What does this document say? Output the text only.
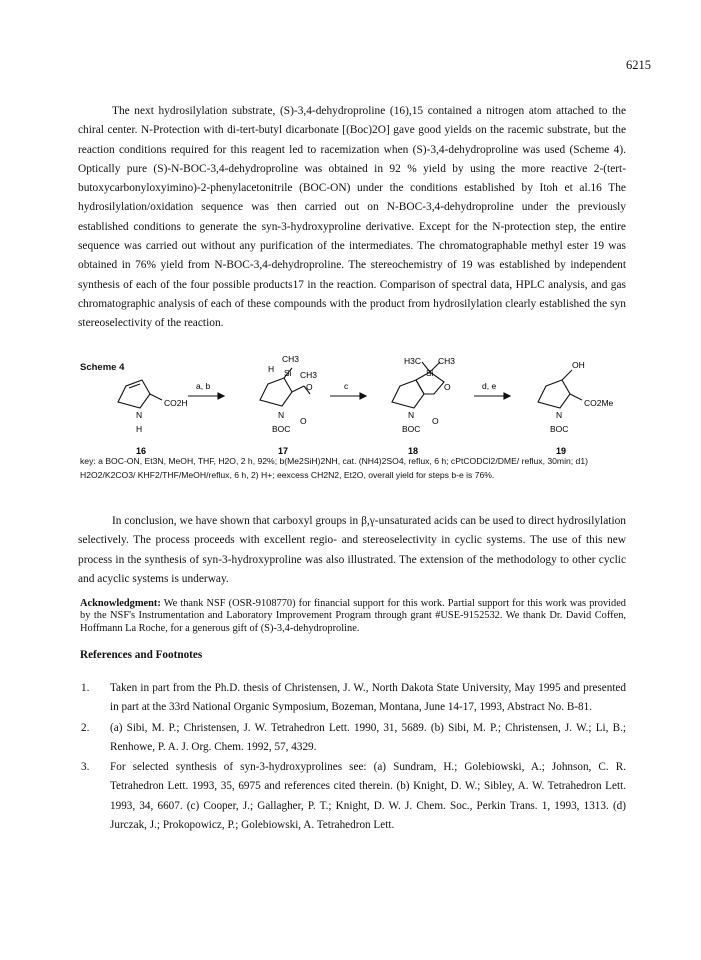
6215

The next hydrosilylation substrate, (S)-3,4-dehydroproline (16),15 contained a nitrogen atom attached to the chiral center. N-Protection with di-tert-butyl dicarbonate [(Boc)2O] gave good yields on the racemic substrate, but the reaction conditions required for this reagent led to racemization when (S)-3,4-dehydroproline was used (Scheme 4). Optically pure (S)-N-BOC-3,4-dehydroproline was obtained in 92 % yield by using the more reactive 2-(tert-butoxycarbonyloxyimino)-2-phenylacetonitrile (BOC-ON) under the conditions established by Itoh et al.16 The hydrosilylation/oxidation sequence was then carried out on N-BOC-3,4-dehydroproline under the previously established conditions to generate the syn-3-hydroxyproline derivative. Except for the N-protection step, the entire sequence was carried out without any purification of the intermediates. The chromatographable methyl ester 19 was obtained in 76% yield from N-BOC-3,4-dehydroproline. The stereochemistry of 19 was established by independent synthesis of each of the four possible products17 in the reaction. Comparison of spectral data, HPLC analysis, and gas chromatographic analysis of each of these compounds with the product from hydrosilylation clearly established the syn stereoselectivity of the reaction.

Scheme 4
N
H
CO2H
16
a, b	c	d, e
CH3
H Si CH3
O
N
O
BOC
17
H3C CH3
Si
O
N
O
BOC
18
OH
N
CO2Me
BOC
19

key: a BOC-ON, Et3N, MeOH, THF, H2O, 2 h, 92%; b(Me2SiH)2NH, cat. (NH4)2SO4, reflux, 6 h; cPtCODCl2/DME/ reflux, 30min; d1) H2O2/K2CO3/ KHF2/THF/MeOH/reflux, 6 h, 2) H+; eexcess CH2N2, Et2O, overall yield for steps b-e is 76%.

In conclusion, we have shown that carboxyl groups in β,γ-unsaturated acids can be used to direct hydrosilylation selectively. The process proceeds with excellent regio- and stereoselectivity in cyclic systems. The use of this new process in the synthesis of syn-3-hydroxyproline was also illustrated. The extension of the methodology to other cyclic and acyclic systems is underway.

Acknowledgment: We thank NSF (OSR-9108770) for financial support for this work. Partial support for this work was provided by the NSF's Instrumentation and Laboratory Improvement Program through grant #USE-9152532. We thank Dr. David Coffen, Hoffmann La Roche, for a generous gift of (S)-3,4-dehydroproline.

References and Footnotes
1. Taken in part from the Ph.D. thesis of Christensen, J. W., North Dakota State University, May 1995 and presented in part at the 33rd National Organic Symposium, Bozeman, Montana, June 14-17, 1993, Abstract No. B-81.
2. (a) Sibi, M. P.; Christensen, J. W. Tetrahedron Lett. 1990, 31, 5689. (b) Sibi, M. P.; Christensen, J. W.; Li, B.; Renhowe, P. A. J. Org. Chem. 1992, 57, 4329.
3. For selected synthesis of syn-3-hydroxyprolines see: (a) Sundram, H.; Golebiowski, A.; Johnson, C. R. Tetrahedron Lett. 1993, 35, 6975 and references cited therein. (b) Knight, D. W.; Sibley, A. W. Tetrahedron Lett. 1993, 34, 6607. (c) Cooper, J.; Gallagher, P. T.; Knight, D. W. J. Chem. Soc., Perkin Trans. 1, 1993, 1313. (d) Jurczak, J.; Prokopowicz, P.; Golebiowski, A. Tetrahedron Lett.
